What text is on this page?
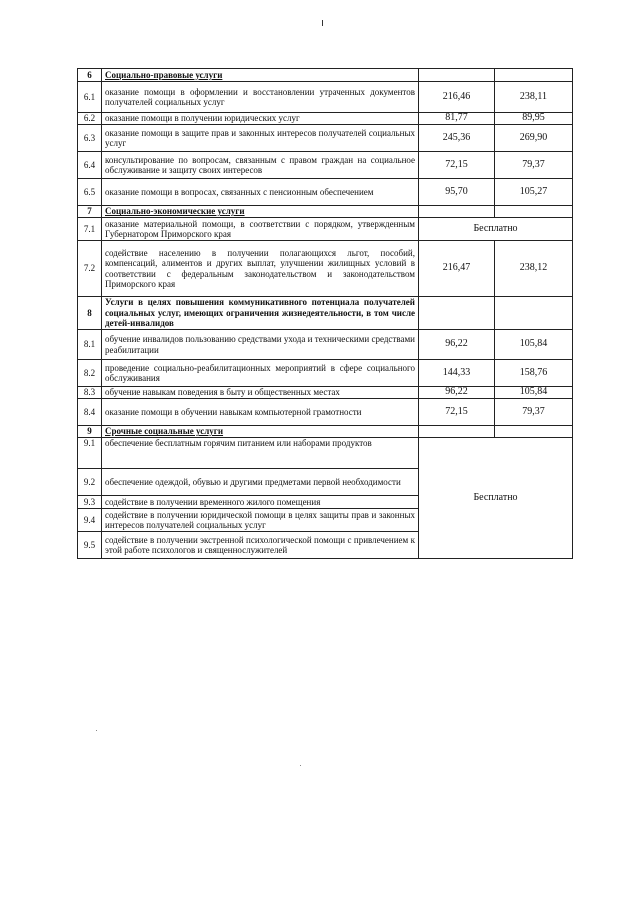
6	Социально-правовые услуги		
6.1	оказание помощи в оформлении и восстановлении утраченных документов получателей социальных услуг	216,46	238,11
6.2	оказание помощи в получении юридических услуг	81,77	89,95
6.3	оказание помощи в защите прав и законных интересов получателей социальных услуг	245,36	269,90
6.4	консультирование по вопросам, связанным с правом граждан на социальное обслуживание и защиту своих интересов	72,15	79,37
6.5	оказание помощи в вопросах, связанных с пенсионным обеспечением	95,70	105,27
7	Социально-экономические услуги		
7.1	оказание материальной помощи, в соответствии с порядком, утвержденным Губернатором Приморского края	Бесплатно	
7.2	содействие населению в получении полагающихся льгот, пособий, компенсаций, алиментов и других выплат, улучшении жилищных условий в соответствии с федеральным законодательством и законодательством Приморского края	216,47	238,12
8	Услуги в целях повышения коммуникативного потенциала получателей социальных услуг, имеющих ограничения жизнедеятельности, в том числе детей-инвалидов		
8.1	обучение инвалидов пользованию средствами ухода и техническими средствами реабилитации	96,22	105,84
8.2	проведение социально-реабилитационных мероприятий в сфере социального обслуживания	144,33	158,76
8.3	обучение навыкам поведения в быту и общественных местах	96,22	105,84
8.4	оказание помощи в обучении навыкам компьютерной грамотности	72,15	79,37
9	Срочные социальные услуги		
9.1	обеспечение бесплатным горячим питанием или наборами продуктов	Бесплатно	
9.2	обеспечение одеждой, обувью и другими предметами первой необходимости		
9.3	содействие в получении временного жилого помещения		
9.4	содействие в получении юридической помощи в целях защиты прав и законных интересов получателей социальных услуг		
9.5	содействие в получении экстренной психологической помощи с привлечением к этой работе психологов и священнослужителей		
